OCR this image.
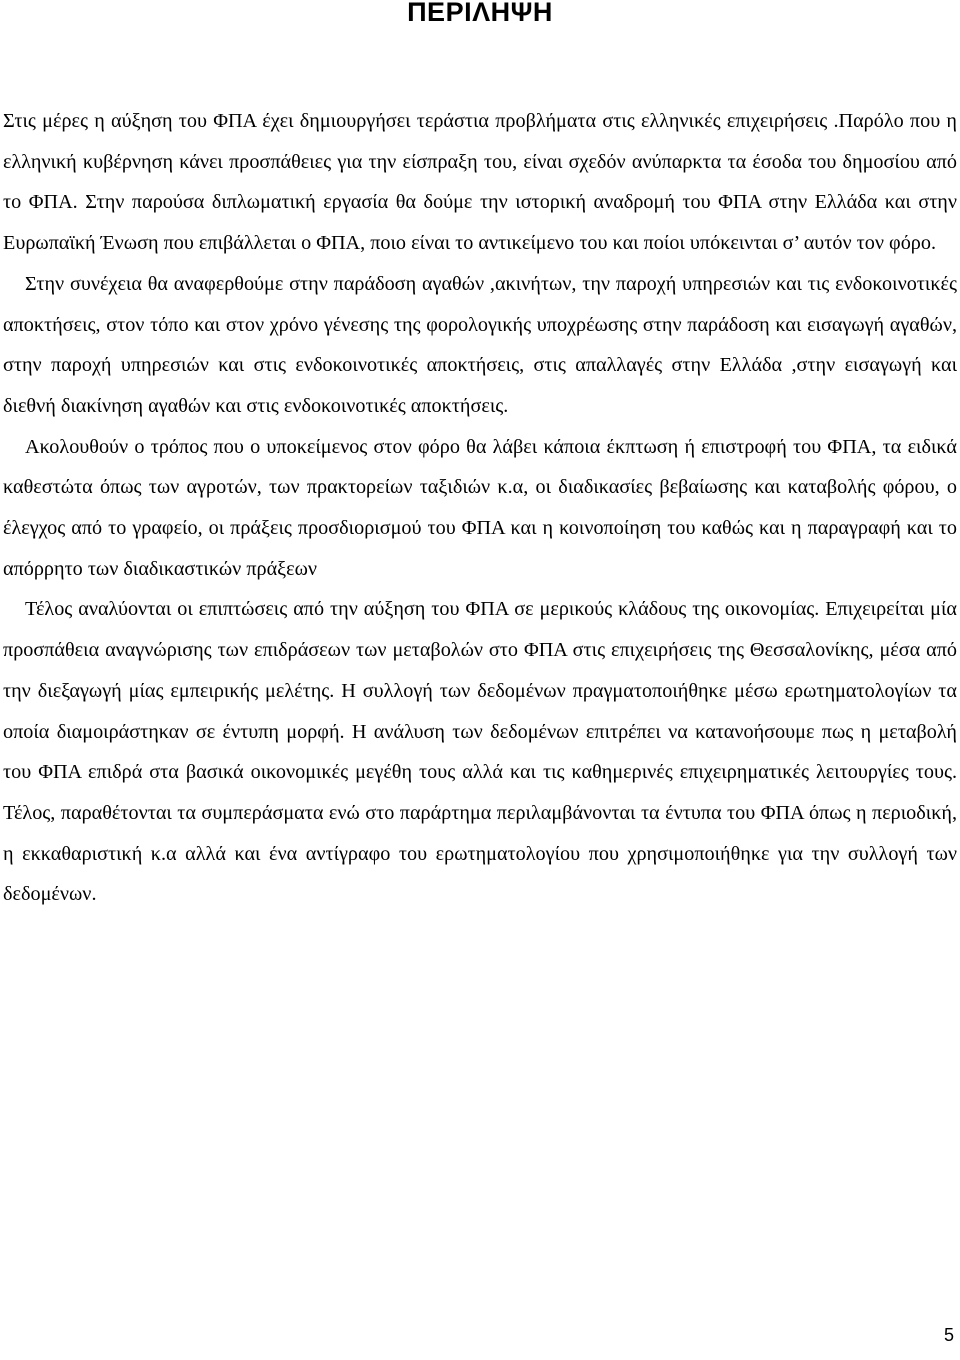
ΠΕΡΙΛΗΨΗ

Στις μέρες η αύξηση του ΦΠΑ έχει δημιουργήσει τεράστια προβλήματα στις ελληνικές επιχειρήσεις .Παρόλο που η ελληνική κυβέρνηση κάνει προσπάθειες για την είσπραξη του, είναι σχεδόν ανύπαρκτα τα έσοδα του δημοσίου από το ΦΠΑ. Στην παρούσα διπλωματική εργασία θα δούμε την ιστορική αναδρομή του ΦΠΑ στην Ελλάδα και στην Ευρωπαϊκή Ένωση που επιβάλλεται ο ΦΠΑ, ποιο είναι το αντικείμενο του και ποίοι υπόκεινται σ’ αυτόν τον φόρο.

Στην συνέχεια θα αναφερθούμε στην παράδοση αγαθών ,ακινήτων, την παροχή υπηρεσιών και τις ενδοκοινοτικές αποκτήσεις, στον τόπο και στον χρόνο γένεσης της φορολογικής υποχρέωσης στην παράδοση και εισαγωγή αγαθών, στην παροχή υπηρεσιών και στις ενδοκοινοτικές αποκτήσεις, στις απαλλαγές στην Ελλάδα ,στην εισαγωγή και διεθνή διακίνηση αγαθών και στις ενδοκοινοτικές αποκτήσεις.

Ακολουθούν ο τρόπος που ο υποκείμενος στον φόρο θα λάβει κάποια έκπτωση ή επιστροφή του ΦΠΑ, τα ειδικά καθεστώτα όπως των αγροτών, των πρακτορείων ταξιδιών κ.α, οι διαδικασίες βεβαίωσης και καταβολής φόρου, ο έλεγχος από το γραφείο, οι πράξεις προσδιορισμού του ΦΠΑ και η κοινοποίηση του καθώς και η παραγραφή και το απόρρητο των διαδικαστικών πράξεων

Τέλος αναλύονται οι επιπτώσεις από την αύξηση του ΦΠΑ σε μερικούς κλάδους της οικονομίας. Επιχειρείται μία προσπάθεια αναγνώρισης των επιδράσεων των μεταβολών στο ΦΠΑ στις επιχειρήσεις της Θεσσαλονίκης, μέσα από την διεξαγωγή μίας εμπειρικής μελέτης. Η συλλογή των δεδομένων πραγματοποιήθηκε μέσω ερωτηματολογίων τα οποία διαμοιράστηκαν σε έντυπη μορφή. Η ανάλυση των δεδομένων επιτρέπει να κατανοήσουμε πως η μεταβολή του ΦΠΑ επιδρά στα βασικά οικονομικές μεγέθη τους αλλά και τις καθημερινές επιχειρηματικές λειτουργίες τους. Τέλος, παραθέτονται τα συμπεράσματα ενώ στο παράρτημα περιλαμβάνονται τα έντυπα του ΦΠΑ όπως η περιοδική, η εκκαθαριστική κ.α αλλά και ένα αντίγραφο του ερωτηματολογίου που χρησιμοποιήθηκε για την συλλογή των δεδομένων.

5
